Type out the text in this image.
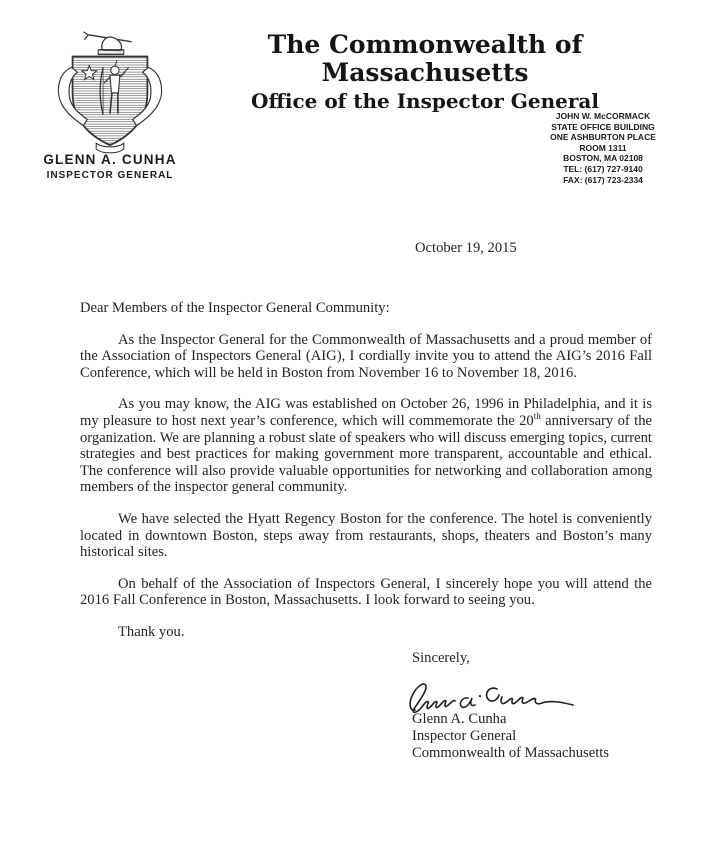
GLENN A. CUNHA
INSPECTOR GENERAL
The Commonwealth of Massachusetts
Office of the Inspector General
JOHN W. McCORMACK
STATE OFFICE BUILDING
ONE ASHBURTON PLACE
ROOM 1311
BOSTON, MA 02108
TEL: (617) 727-9140
FAX: (617) 723-2334
October 19, 2015
Dear Members of the Inspector General Community:

As the Inspector General for the Commonwealth of Massachusetts and a proud member of the Association of Inspectors General (AIG), I cordially invite you to attend the AIG’s 2016 Fall Conference, which will be held in Boston from November 16 to November 18, 2016.

As you may know, the AIG was established on October 26, 1996 in Philadelphia, and it is my pleasure to host next year’s conference, which will commemorate the 20th anniversary of the organization. We are planning a robust slate of speakers who will discuss emerging topics, current strategies and best practices for making government more transparent, accountable and ethical. The conference will also provide valuable opportunities for networking and collaboration among members of the inspector general community.

We have selected the Hyatt Regency Boston for the conference. The hotel is conveniently located in downtown Boston, steps away from restaurants, shops, theaters and Boston’s many historical sites.

On behalf of the Association of Inspectors General, I sincerely hope you will attend the 2016 Fall Conference in Boston, Massachusetts. I look forward to seeing you.

Thank you.

Sincerely,
Glenn A. Cunha
Inspector General
Commonwealth of Massachusetts
